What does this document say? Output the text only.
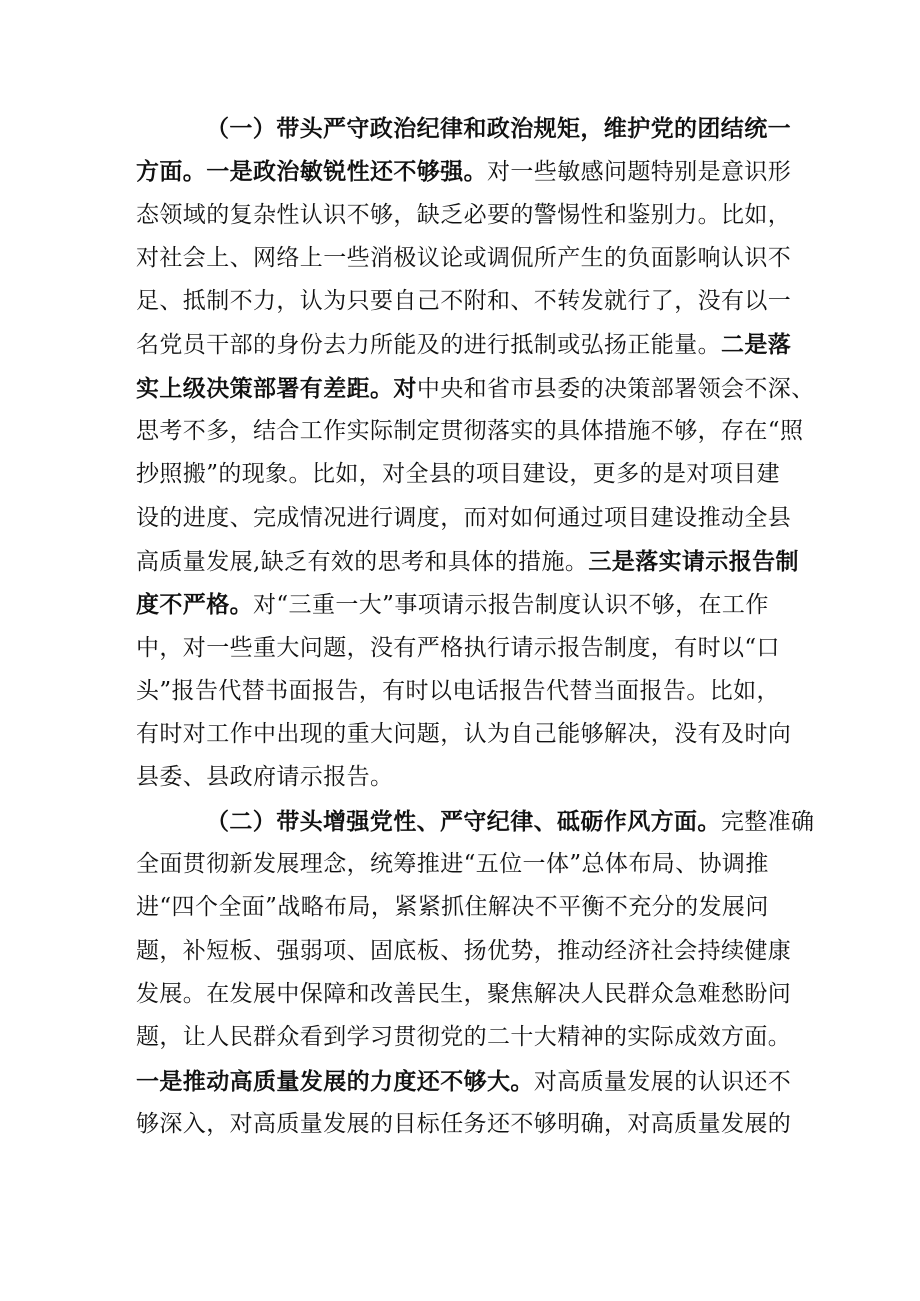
（一）带头严守政治纪律和政治规矩，维护党的团结统一
方面。一是政治敏锐性还不够强。对一些敏感问题特别是意识形
态领域的复杂性认识不够，缺乏必要的警惕性和鉴别力。比如，
对社会上、网络上一些消极议论或调侃所产生的负面影响认识不
足、抵制不力，认为只要自己不附和、不转发就行了，没有以一
名党员干部的身份去力所能及的进行抵制或弘扬正能量。二是落
实上级决策部署有差距。对中央和省市县委的决策部署领会不深、
思考不多，结合工作实际制定贯彻落实的具体措施不够，存在“照
抄照搬”的现象。比如，对全县的项目建设，更多的是对项目建
设的进度、完成情况进行调度，而对如何通过项目建设推动全县
高质量发展,缺乏有效的思考和具体的措施。三是落实请示报告制
度不严格。对“三重一大”事项请示报告制度认识不够，在工作
中，对一些重大问题，没有严格执行请示报告制度，有时以“口
头”报告代替书面报告，有时以电话报告代替当面报告。比如，
有时对工作中出现的重大问题，认为自己能够解决，没有及时向
县委、县政府请示报告。
（二）带头增强党性、严守纪律、砥砺作风方面。完整准确
全面贯彻新发展理念，统筹推进“五位一体”总体布局、协调推
进“四个全面”战略布局，紧紧抓住解决不平衡不充分的发展问
题，补短板、强弱项、固底板、扬优势，推动经济社会持续健康
发展。在发展中保障和改善民生，聚焦解决人民群众急难愁盼问
题，让人民群众看到学习贯彻党的二十大精神的实际成效方面。
一是推动高质量发展的力度还不够大。对高质量发展的认识还不
够深入，对高质量发展的目标任务还不够明确，对高质量发展的
